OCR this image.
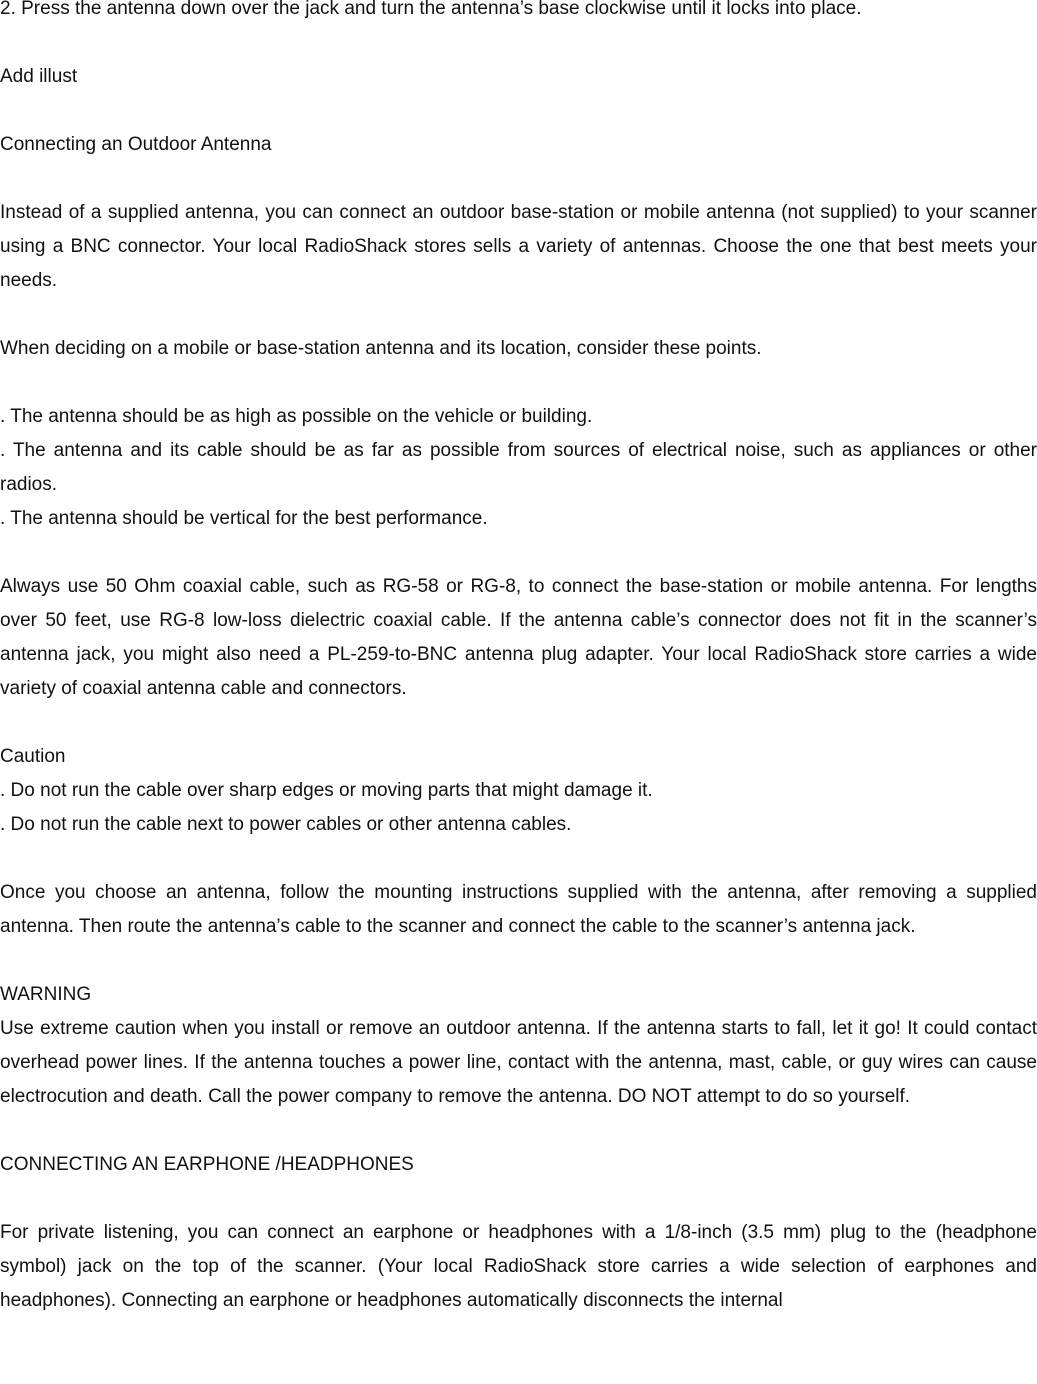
2. Press the antenna down over the jack and turn the antenna’s base clockwise until it locks into place.

Add illust

Connecting an Outdoor Antenna

Instead of a supplied antenna, you can connect an outdoor base-station or mobile antenna (not supplied) to your scanner using a BNC connector. Your local RadioShack stores sells a variety of antennas. Choose the one that best meets your needs.

When deciding on a mobile or base-station antenna and its location, consider these points.

. The antenna should be as high as possible on the vehicle or building.

. The antenna and its cable should be as far as possible from sources of electrical noise, such as appliances or other radios.

. The antenna should be vertical for the best performance.

Always use 50 Ohm coaxial cable, such as RG-58 or RG-8, to connect the base-station or mobile antenna. For lengths over 50 feet, use RG-8 low-loss dielectric coaxial cable. If the antenna cable’s connector does not fit in the scanner’s antenna jack, you might also need a PL-259-to-BNC antenna plug adapter. Your local RadioShack store carries a wide variety of coaxial antenna cable and connectors.

Caution

. Do not run the cable over sharp edges or moving parts that might damage it.

. Do not run the cable next to power cables or other antenna cables.

Once you choose an antenna, follow the mounting instructions supplied with the antenna, after removing a supplied antenna. Then route the antenna’s cable to the scanner and connect the cable to the scanner’s antenna jack.

WARNING

Use extreme caution when you install or remove an outdoor antenna. If the antenna starts to fall, let it go! It could contact overhead power lines. If the antenna touches a power line, contact with the antenna, mast, cable, or guy wires can cause electrocution and death. Call the power company to remove the antenna. DO NOT attempt to do so yourself.

CONNECTING AN EARPHONE /HEADPHONES

For private listening, you can connect an earphone or headphones with a 1/8-inch (3.5 mm) plug to the (headphone symbol) jack on the top of the scanner. (Your local RadioShack store carries a wide selection of earphones and headphones). Connecting an earphone or headphones automatically disconnects the internal
